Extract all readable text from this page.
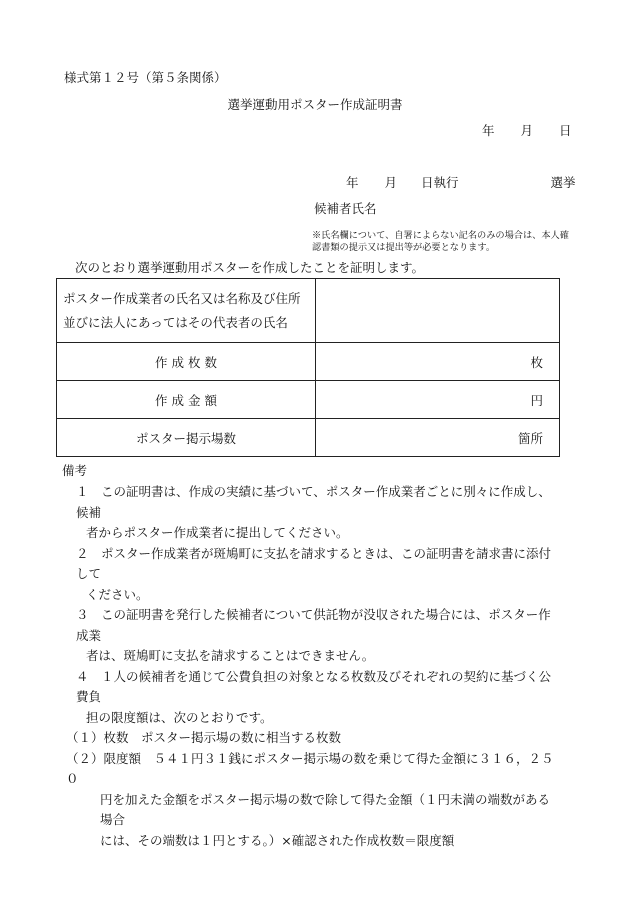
様式第１２号（第５条関係）
選挙運動用ポスター作成証明書
年 月 日
年 月 日執行	選挙
候補者氏名
※氏名欄について、自署によらない記名のみの場合は、本人確認書類の提示又は提出等が必要となります。
次のとおり選挙運動用ポスターを作成したことを証明します。
ポスター作成業者の氏名又は名称及び住所
並びに法人にあってはその代表者の氏名	

作 成 枚 数	枚
作 成 金 額	円
ポスター掲示場数	箇所
備考
１　この証明書は、作成の実績に基づいて、ポスター作成業者ごとに別々に作成し、候補
者からポスター作成業者に提出してください。
２　ポスター作成業者が斑鳩町に支払を請求するときは、この証明書を請求書に添付して
ください。
３　この証明書を発行した候補者について供託物が没収された場合には、ポスター作成業
者は、斑鳩町に支払を請求することはできません。
４　１人の候補者を通じて公費負担の対象となる枚数及びそれぞれの契約に基づく公費負
担の限度額は、次のとおりです。
（１）枚数　ポスター掲示場の数に相当する枚数
（２）限度額　５４１円３１銭にポスター掲示場の数を乗じて得た金額に３１６，２５０
円を加えた金額をポスター掲示場の数で除して得た金額（１円未満の端数がある場合
には、その端数は１円とする。）×確認された作成枚数＝限度額
